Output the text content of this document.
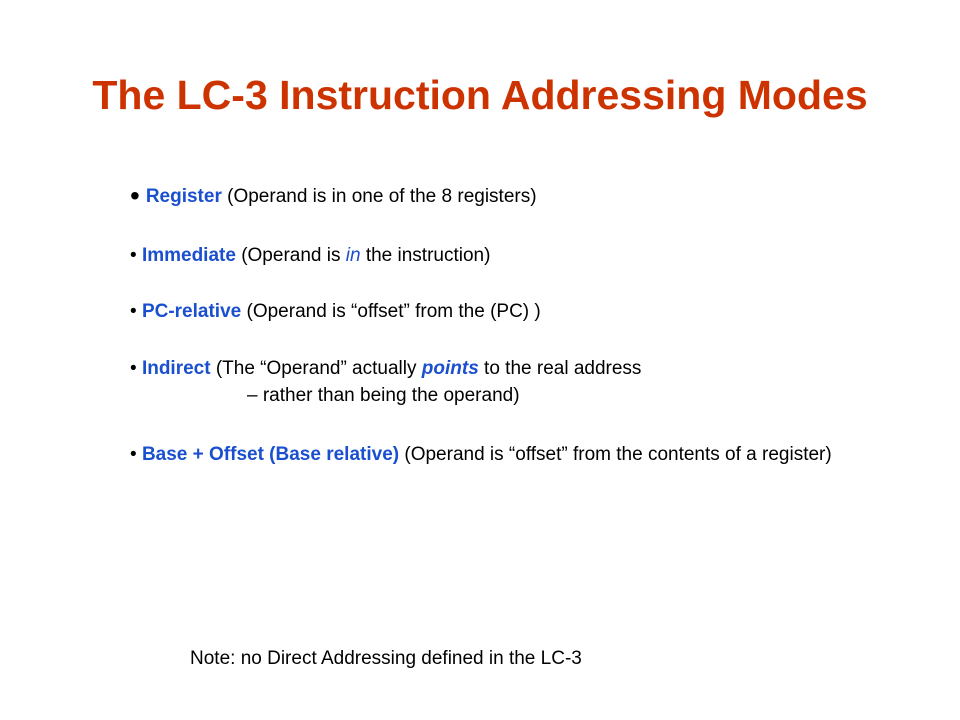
The LC-3 Instruction Addressing Modes
• Register (Operand is in one of the 8 registers)
• Immediate (Operand is in the instruction)
• PC-relative (Operand is “offset” from the (PC) )
• Indirect (The “Operand” actually points to the real address
– rather than being the operand)
• Base + Offset (Base relative) (Operand is “offset” from the contents of a register)
Note: no Direct Addressing defined in the LC-3
